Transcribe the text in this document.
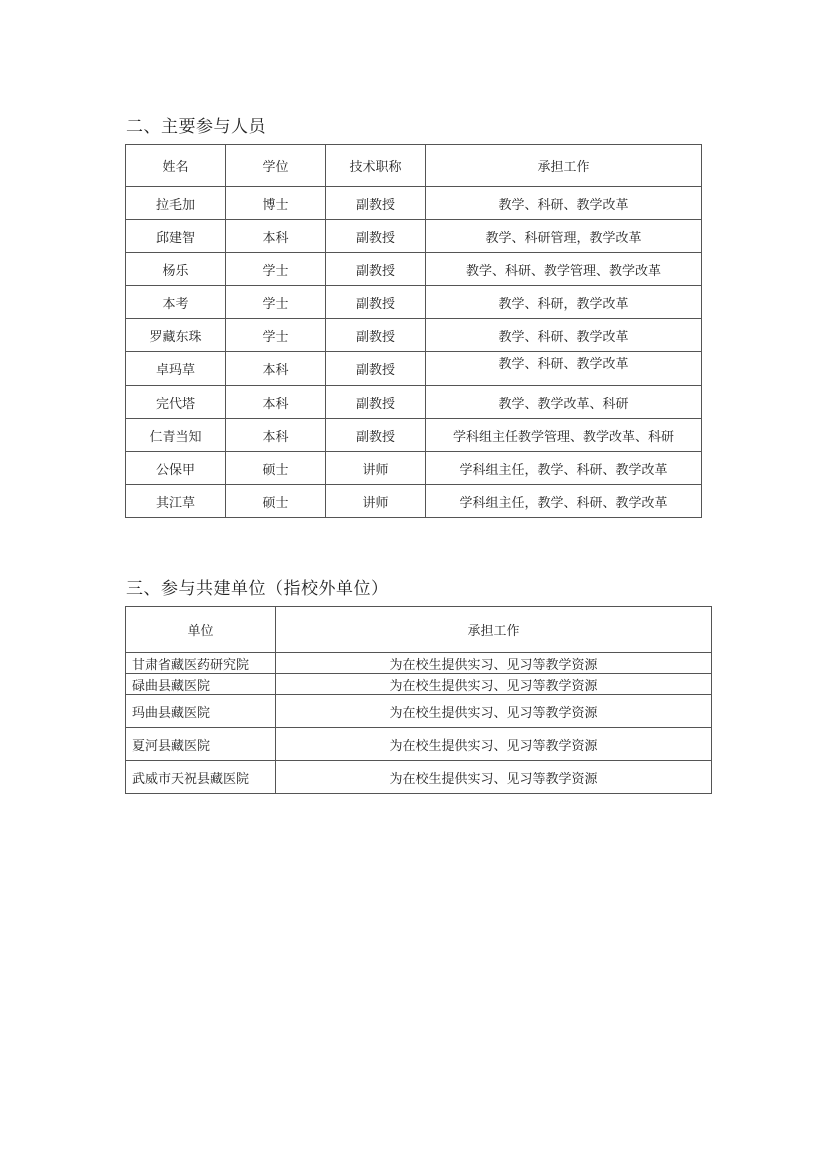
二、主要参与人员
姓名	学位	技术职称	承担工作
拉毛加	博士	副教授	教学、科研、教学改革
邱建智	本科	副教授	教学、科研管理，教学改革
杨乐	学士	副教授	教学、科研、教学管理、教学改革
本考	学士	副教授	教学、科研，教学改革
罗藏东珠	学士	副教授	教学、科研、教学改革
卓玛草	本科	副教授	教学、科研、教学改革
完代塔	本科	副教授	教学、教学改革、科研
仁青当知	本科	副教授	学科组主任教学管理、教学改革、科研
公保甲	硕士	讲师	学科组主任，教学、科研、教学改革
其江草	硕士	讲师	学科组主任，教学、科研、教学改革
三、参与共建单位（指校外单位）
单位	承担工作
甘肃省藏医药研究院	为在校生提供实习、见习等教学资源
碌曲县藏医院	为在校生提供实习、见习等教学资源
玛曲县藏医院	为在校生提供实习、见习等教学资源
夏河县藏医院	为在校生提供实习、见习等教学资源
武威市天祝县藏医院	为在校生提供实习、见习等教学资源
